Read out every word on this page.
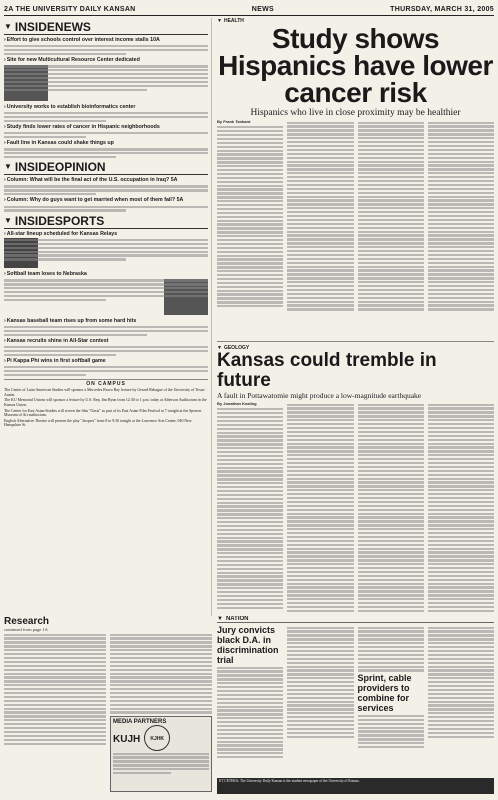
2A THE UNIVERSITY DAILY KANSAN	NEWS	THURSDAY, MARCH 31, 2005
▼ INSIDENEWS
›Effort to give schools control over interest income stalls 10A
›Site for new Multicultural Resource Center dedicated
›University works to establish bioinformatics center
›Study finds lower rates of cancer in Hispanic neighborhoods
›Fault line in Kansas could shake things up
▼ INSIDEOPINION
›Column: What will be the final act of the U.S. occupation in Iraq? 5A
›Column: Why do guys want to get married when most of them fail? 5A
▼ INSIDESPORTS
›All-star lineup scheduled for Kansas Relays
›Softball team loses to Nebraska
›Kansas baseball team rises up from some hard hits
›Kansas recruits shine in All-Star contest
›Pi Kappa Phi wins in first softball game
ON CAMPUS

The Center of Latin American Studies will sponsor a Mercedes Bravo Bay lecture by Gerard Behague of the University of Texas-Austin.

The KU Memorial Unions will sponsor a lecture by U.S. Rep. Jim Ryun from 12:30 to 1 p.m. today at Alderson Auditorium in the Kansas Union.

The Center for East Asian Studies will screen the film "Oasis" as part of its East Asian Film Festival at 7 tonight at the Spencer Museum of Art auditorium.

English Alternative Theatre will present the play "Jacques" from 8 to 9:30 tonight at the Lawrence Arts Center, 940 New Hampshire St.

▼ HEALTH
Study shows Hispanics have lower cancer risk
Hispanics who live in close proximity may be healthier
By Frank Tankard
▼ GEOLOGY
Kansas could tremble in future
A fault in Pottawatomie might produce a low-magnitude earthquake
By Jonathan Kealing
Research
continued from page 1A
MEDIA PARTNERS
KUJH KJHK
▼ NATION
Jury convicts black D.A. in discrimination trial
Sprint, cable providers to combine for services
ET CETERA: The University Daily Kansan is the student newspaper of the University of Kansas.
